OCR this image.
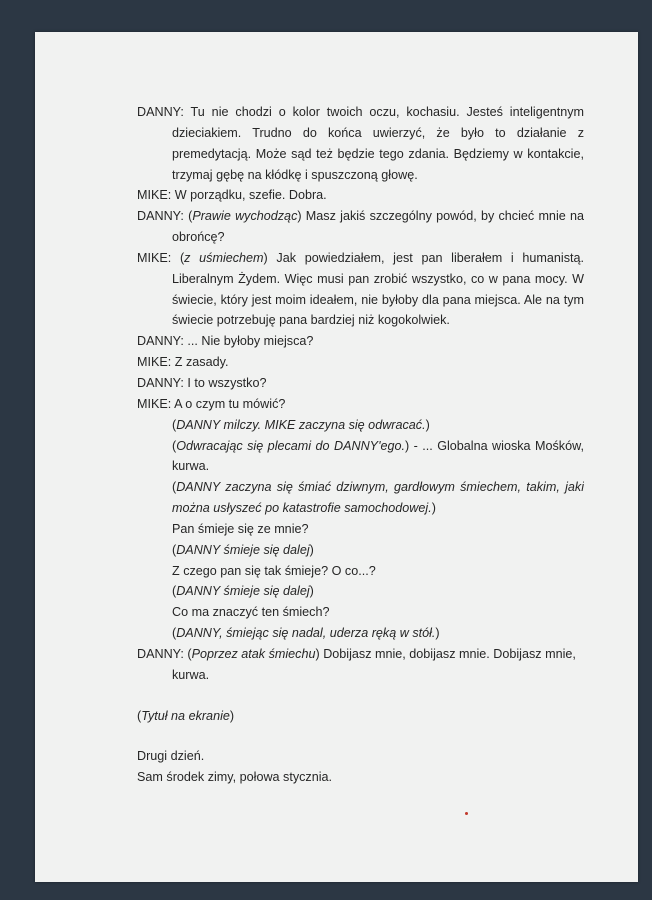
DANNY: Tu nie chodzi o kolor twoich oczu, kochasiu. Jesteś inteligentnym
dzieciakiem. Trudno do końca uwierzyć, że było to działanie z
premedytacją. Może sąd też będzie tego zdania. Będziemy w kontakcie,
trzymaj gębę na kłódkę i spuszczoną głowę.
MIKE: W porządku, szefie. Dobra.
DANNY: (Prawie wychodząc) Masz jakiś szczególny powód, by chcieć mnie na
obrońcę?
MIKE: (z uśmiechem) Jak powiedziałem, jest pan liberałem i humanistą.
Liberalnym Żydem. Więc musi pan zrobić wszystko, co w pana mocy. W
świecie, który jest moim ideałem, nie byłoby dla pana miejsca. Ale na tym
świecie potrzebuję pana bardziej niż kogokolwiek.
DANNY: ... Nie byłoby miejsca?
MIKE: Z zasady.
DANNY: I to wszystko?
MIKE: A o czym tu mówić?
(DANNY milczy. MIKE zaczyna się odwracać.)
(Odwracając się plecami do DANNY'ego.) - ... Globalna wioska Mośków,
kurwa.
(DANNY zaczyna się śmiać dziwnym, gardłowym śmiechem, takim, jaki
można usłyszeć po katastrofie samochodowej.)
Pan śmieje się ze mnie?
(DANNY śmieje się dalej)
Z czego pan się tak śmieje? O co...?
(DANNY śmieje się dalej)
Co ma znaczyć ten śmiech?
(DANNY, śmiejąc się nadal, uderza ręką w stół.)
DANNY: (Poprzez atak śmiechu) Dobijasz mnie, dobijasz mnie. Dobijasz mnie,
kurwa.
(Tytuł na ekranie)
Drugi dzień.
Sam środek zimy, połowa stycznia.
